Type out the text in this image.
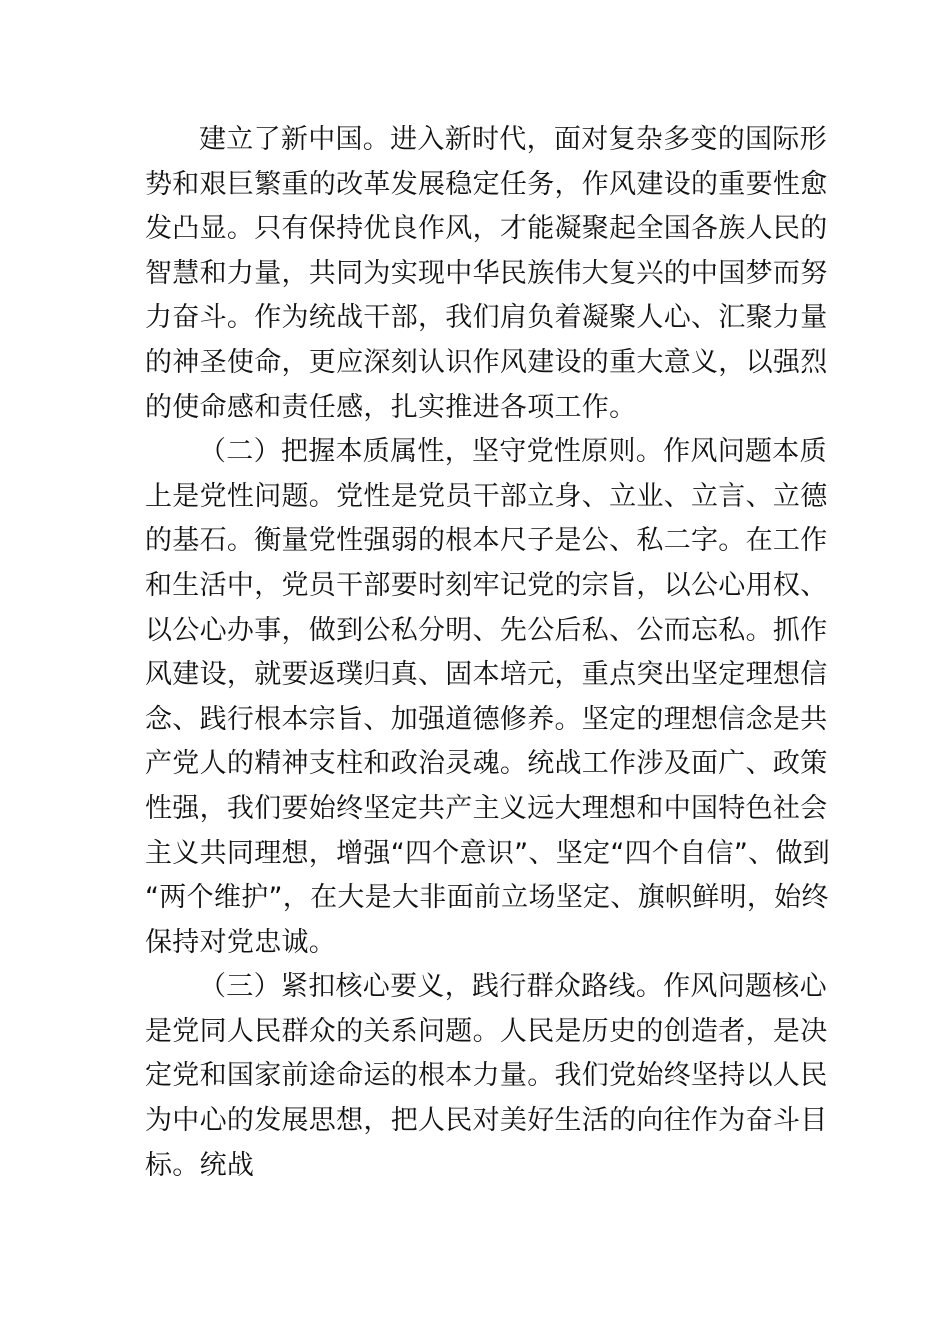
建立了新中国。进入新时代，面对复杂多变的国际形
势和艰巨繁重的改革发展稳定任务，作风建设的重要性愈
发凸显。只有保持优良作风，才能凝聚起全国各族人民的
智慧和力量，共同为实现中华民族伟大复兴的中国梦而努
力奋斗。作为统战干部，我们肩负着凝聚人心、汇聚力量
的神圣使命，更应深刻认识作风建设的重大意义，以强烈
的使命感和责任感，扎实推进各项工作。
（二）把握本质属性，坚守党性原则。作风问题本质
上是党性问题。党性是党员干部立身、立业、立言、立德
的基石。衡量党性强弱的根本尺子是公、私二字。在工作
和生活中，党员干部要时刻牢记党的宗旨，以公心用权、
以公心办事，做到公私分明、先公后私、公而忘私。抓作
风建设，就要返璞归真、固本培元，重点突出坚定理想信
念、践行根本宗旨、加强道德修养。坚定的理想信念是共
产党人的精神支柱和政治灵魂。统战工作涉及面广、政策
性强，我们要始终坚定共产主义远大理想和中国特色社会
主义共同理想，增强“四个意识”、坚定“四个自信”、做到
“两个维护”，在大是大非面前立场坚定、旗帜鲜明，始终
保持对党忠诚。
（三）紧扣核心要义，践行群众路线。作风问题核心
是党同人民群众的关系问题。人民是历史的创造者，是决
定党和国家前途命运的根本力量。我们党始终坚持以人民
为中心的发展思想，把人民对美好生活的向往作为奋斗目
标。统战
